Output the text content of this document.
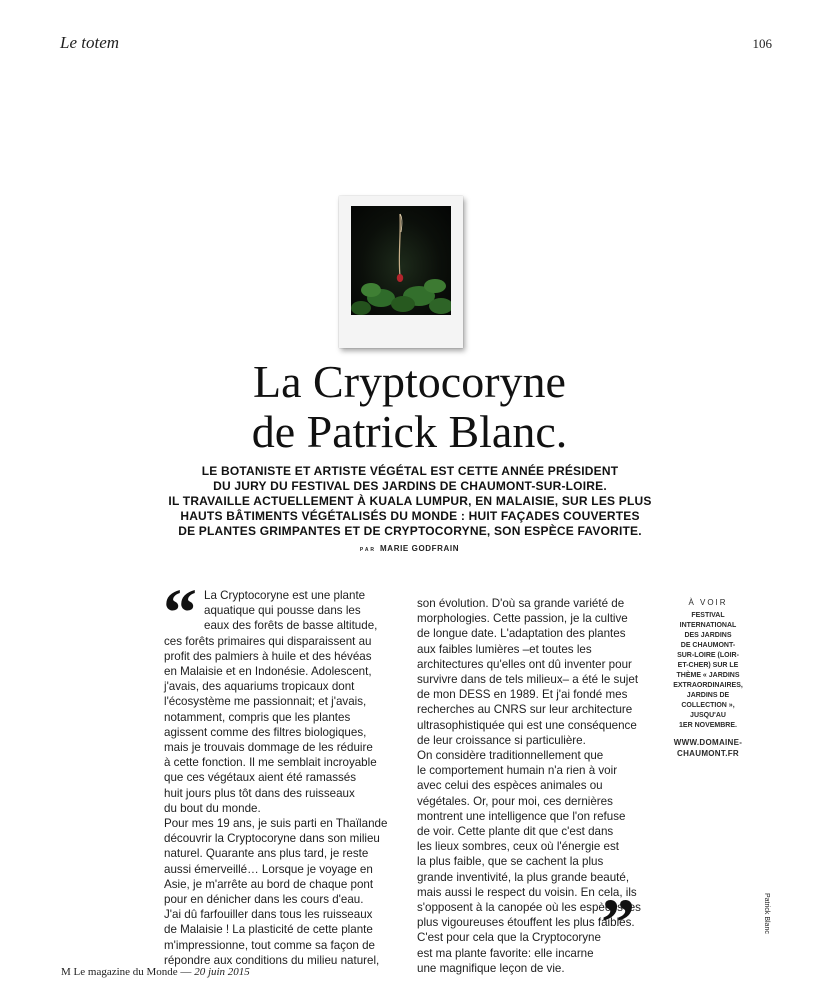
Le totem	106
La Cryptocoryne
de Patrick Blanc.
LE BOTANISTE ET ARTISTE VÉGÉTAL EST CETTE ANNÉE PRÉSIDENT
DU JURY DU FESTIVAL DES JARDINS DE CHAUMONT-SUR-LOIRE.
IL TRAVAILLE ACTUELLEMENT À KUALA LUMPUR, EN MALAISIE, SUR LES PLUS
HAUTS BÂTIMENTS VÉGÉTALISÉS DU MONDE : HUIT FAÇADES COUVERTES
DE PLANTES GRIMPANTES ET DE CRYPTOCORYNE, SON ESPÈCE FAVORITE.
PAR MARIE GODFRAIN
“ La Cryptocoryne est une plante
aquatique qui pousse dans les
eaux des forêts de basse altitude,
ces forêts primaires qui disparaissent au
profit des palmiers à huile et des hévéas
en Malaisie et en Indonésie. Adolescent,
j'avais, des aquariums tropicaux dont
l'écosystème me passionnait; et j'avais,
notamment, compris que les plantes
agissent comme des filtres biologiques,
mais je trouvais dommage de les réduire
à cette fonction. Il me semblait incroyable
que ces végétaux aient été ramassés
huit jours plus tôt dans des ruisseaux
du bout du monde.
Pour mes 19 ans, je suis parti en Thaïlande
découvrir la Cryptocoryne dans son milieu
naturel. Quarante ans plus tard, je reste
aussi émerveillé… Lorsque je voyage en
Asie, je m'arrête au bord de chaque pont
pour en dénicher dans les cours d'eau.
J'ai dû farfouiller dans tous les ruisseaux
de Malaisie ! La plasticité de cette plante
m'impressionne, tout comme sa façon de
répondre aux conditions du milieu naturel,
son évolution. D'où sa grande variété de
morphologies. Cette passion, je la cultive
de longue date. L'adaptation des plantes
aux faibles lumières –et toutes les
architectures qu'elles ont dû inventer pour
survivre dans de tels milieux– a été le sujet
de mon DESS en 1989. Et j'ai fondé mes
recherches au CNRS sur leur architecture
ultrasophistiquée qui est une conséquence
de leur croissance si particulière.
On considère traditionnellement que
le comportement humain n'a rien à voir
avec celui des espèces animales ou
végétales. Or, pour moi, ces dernières
montrent une intelligence que l'on refuse
de voir. Cette plante dit que c'est dans
les lieux sombres, ceux où l'énergie est
la plus faible, que se cachent la plus
grande inventivité, la plus grande beauté,
mais aussi le respect du voisin. En cela, ils
s'opposent à la canopée où les espèces les
plus vigoureuses étouffent les plus faibles.
C'est pour cela que la Cryptocoryne
est ma plante favorite: elle incarne
une magnifique leçon de vie.
”
À VOIR
FESTIVAL
INTERNATIONAL
DES JARDINS
DE CHAUMONT-
SUR-LOIRE (LOIR-
ET-CHER) SUR LE
THÈME « JARDINS
EXTRAORDINAIRES,
JARDINS DE
COLLECTION »,
JUSQU'AU
1ER NOVEMBRE.
WWW.DOMAINE-CHAUMONT.FR
Patrick Blanc
M Le magazine du Monde — 20 juin 2015
